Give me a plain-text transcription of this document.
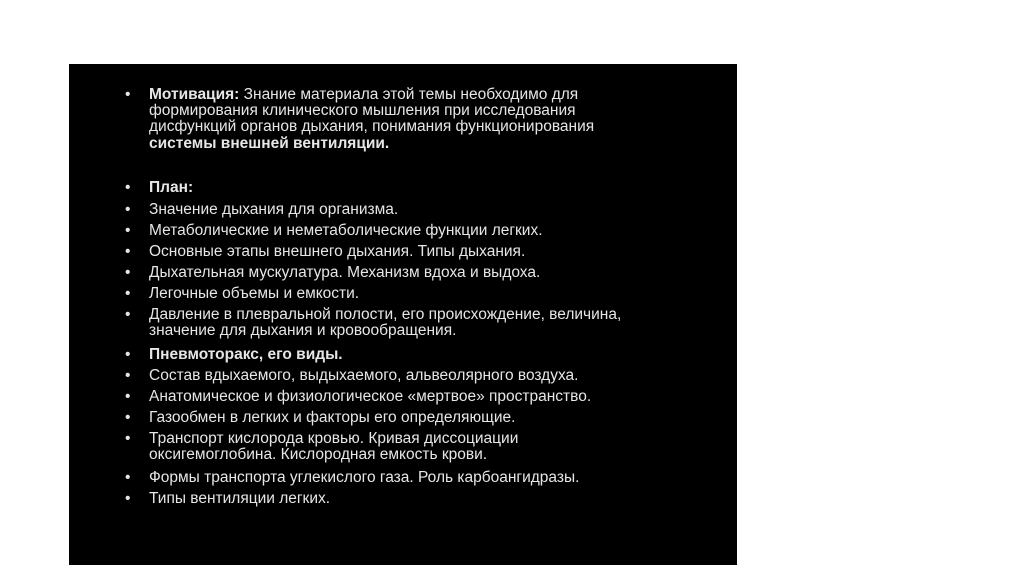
• Мотивация: Знание материала этой темы необходимо для
формирования клинического мышления при исследования
дисфункций органов дыхания, понимания функционирования
системы внешней вентиляции.
• План:
• Значение дыхания для организма.
• Метаболические и неметаболические функции легких.
• Основные этапы внешнего дыхания. Типы дыхания.
• Дыхательная мускулатура. Механизм вдоха и выдоха.
• Легочные объемы и емкости.
• Давление в плевральной полости, его происхождение, величина,
значение для дыхания и кровообращения.
• Пневмоторакс, его виды.
• Состав вдыхаемого, выдыхаемого, альвеолярного воздуха.
• Анатомическое и физиологическое «мертвое» пространство.
• Газообмен в легких и факторы его определяющие.
• Транспорт кислорода кровью. Кривая диссоциации
оксигемоглобина. Кислородная емкость крови.
• Формы транспорта углекислого газа. Роль карбоангидразы.
• Типы вентиляции легких.
